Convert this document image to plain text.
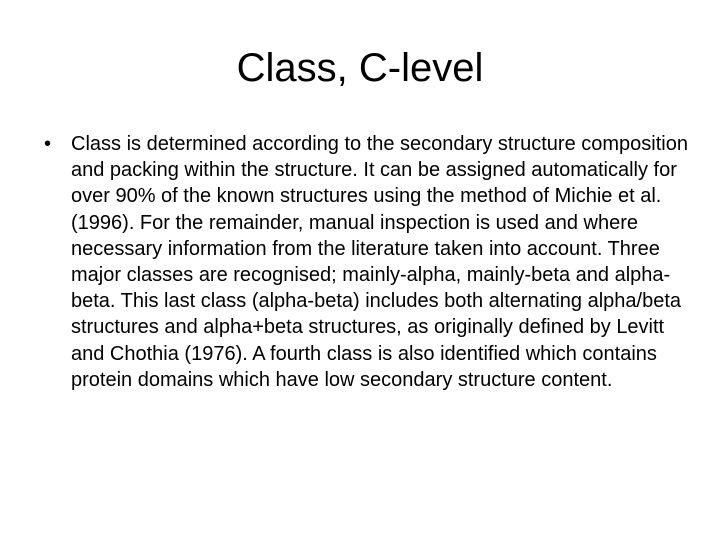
Class, C-level
• Class is determined according to the secondary structure composition and packing within the structure. It can be assigned automatically for over 90% of the known structures using the method of Michie et al. (1996). For the remainder, manual inspection is used and where necessary information from the literature taken into account. Three major classes are recognised; mainly-alpha, mainly-beta and alpha-beta. This last class (alpha-beta) includes both alternating alpha/beta structures and alpha+beta structures, as originally defined by Levitt and Chothia (1976). A fourth class is also identified which contains protein domains which have low secondary structure content.
